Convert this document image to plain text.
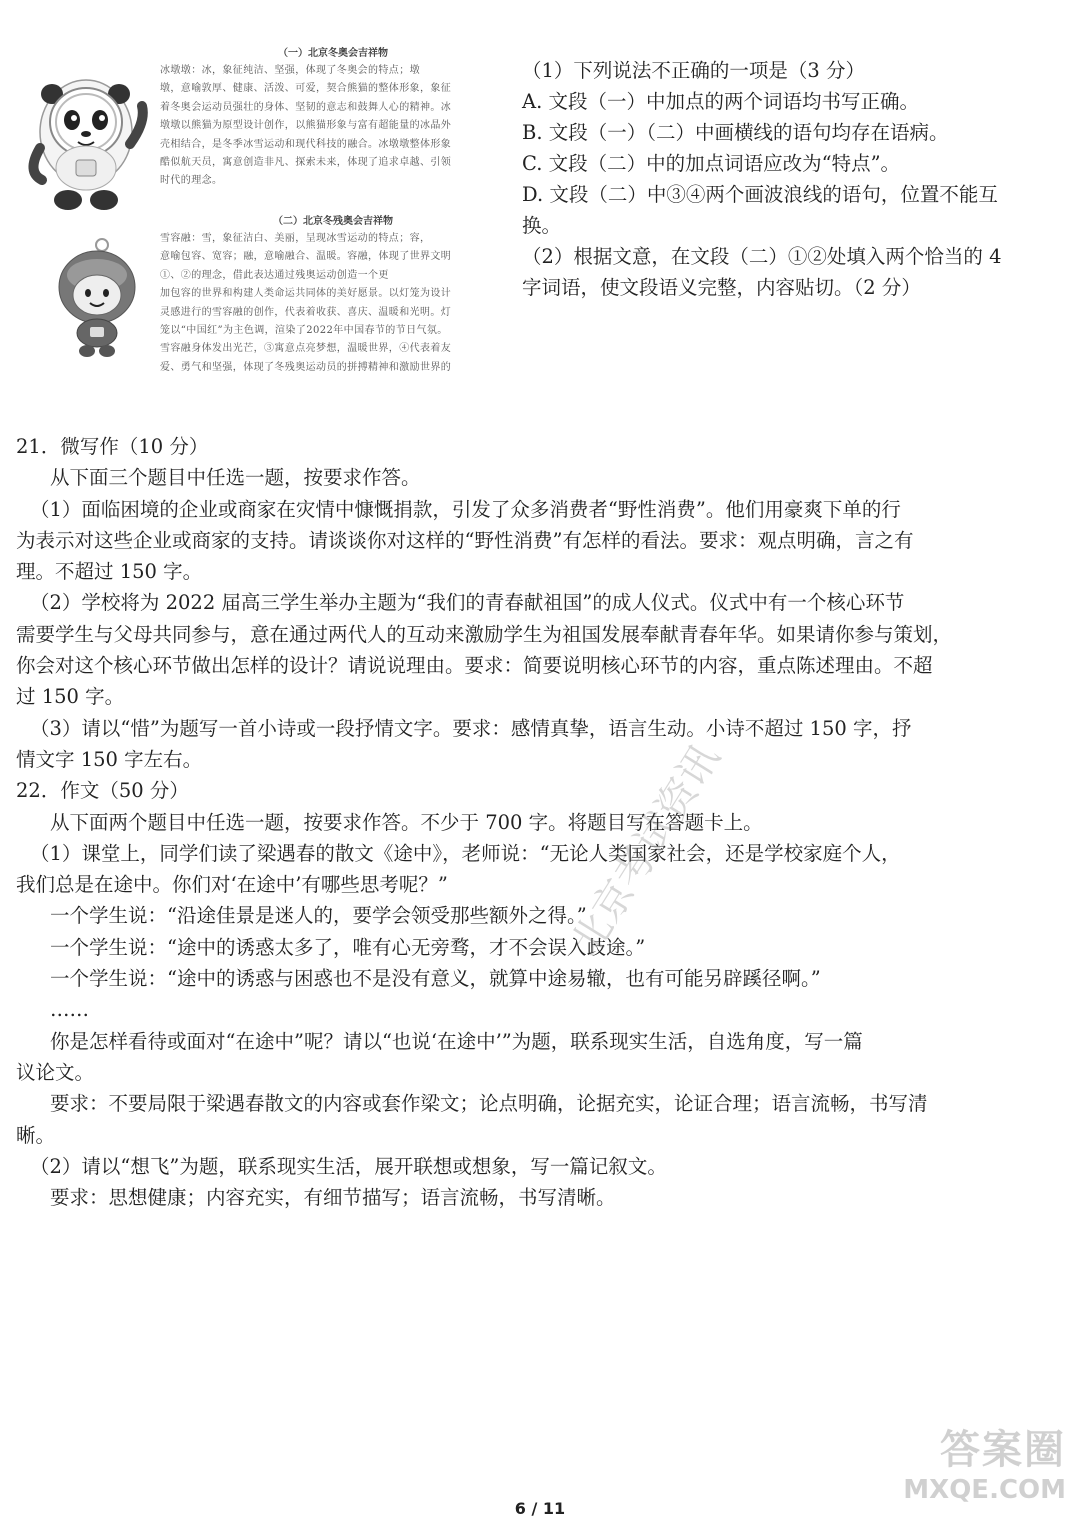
（一）北京冬奥会吉祥物
冰墩墩：冰，象征纯洁、坚强，体现了冬奥会的特点；墩
墩，意喻敦厚、健康、活泼、可爱，契合熊猫的整体形象，象征
着冬奥会运动员强壮的身体、坚韧的意志和鼓舞人心的精神。冰
墩墩以熊猫为原型设计创作，以熊猫形象与富有超能量的冰晶外
壳相结合，是冬季冰雪运动和现代科技的融合。冰墩墩整体形象
酷似航天员，寓意创造非凡、探索未来，体现了追求卓越、引领
时代的理念。
（二）北京冬残奥会吉祥物
雪容融：雪，象征洁白、美丽，呈现冰雪运动的特点；容，
意喻包容、宽容；融，意喻融合、温暖。容融，体现了世界文明
①、②的理念，借此表达通过残奥运动创造一个更
加包容的世界和构建人类命运共同体的美好愿景。以灯笼为设计
灵感进行的雪容融的创作，代表着收获、喜庆、温暖和光明。灯
笼以“中国红”为主色调，渲染了2022年中国春节的节日气氛。
雪容融身体发出光芒，③寓意点亮梦想，温暖世界，④代表着友
爱、勇气和坚强，体现了冬残奥运动员的拼搏精神和激励世界的
（1）下列说法不正确的一项是（3 分）
A. 文段（一）中加点的两个词语均书写正确。
B. 文段（一）（二）中画横线的语句均存在语病。
C. 文段（二）中的加点词语应改为“特点”。
D. 文段（二）中③④两个画波浪线的语句，位置不能互
换。
（2）根据文意，在文段（二）①②处填入两个恰当的 4
字词语，使文段语义完整，内容贴切。（2 分）
21．微写作（10 分）
从下面三个题目中任选一题，按要求作答。
（1）面临困境的企业或商家在灾情中慷慨捐款，引发了众多消费者“野性消费”。他们用豪爽下单的行
为表示对这些企业或商家的支持。请谈谈你对这样的“野性消费”有怎样的看法。要求：观点明确，言之有
理。不超过 150 字。
（2）学校将为 2022 届高三学生举办主题为“我们的青春献祖国”的成人仪式。仪式中有一个核心环节
需要学生与父母共同参与，意在通过两代人的互动来激励学生为祖国发展奉献青春年华。如果请你参与策划，
你会对这个核心环节做出怎样的设计？请说说理由。要求：简要说明核心环节的内容，重点陈述理由。不超
过 150 字。
（3）请以“惜”为题写一首小诗或一段抒情文字。要求：感情真挚，语言生动。小诗不超过 150 字，抒
情文字 150 字左右。
22．作文（50 分）
从下面两个题目中任选一题，按要求作答。不少于 700 字。将题目写在答题卡上。
（1）课堂上，同学们读了梁遇春的散文《途中》，老师说：“无论人类国家社会，还是学校家庭个人，
我们总是在途中。你们对‘在途中’有哪些思考呢？”
一个学生说：“沿途佳景是迷人的，要学会领受那些额外之得。”
一个学生说：“途中的诱惑太多了，唯有心无旁骛，才不会误入歧途。”
一个学生说：“途中的诱惑与困惑也不是没有意义，就算中途易辙，也有可能另辟蹊径啊。”
……
你是怎样看待或面对“在途中”呢？请以“也说‘在途中’”为题，联系现实生活，自选角度，写一篇
议论文。
要求：不要局限于梁遇春散文的内容或套作梁文；论点明确，论据充实，论证合理；语言流畅，书写清
晰。
（2）请以“想飞”为题，联系现实生活，展开联想或想象，写一篇记叙文。
要求：思想健康；内容充实，有细节描写；语言流畅，书写清晰。
北京考试资讯
6 / 11
答案圈
MXQE.COM
